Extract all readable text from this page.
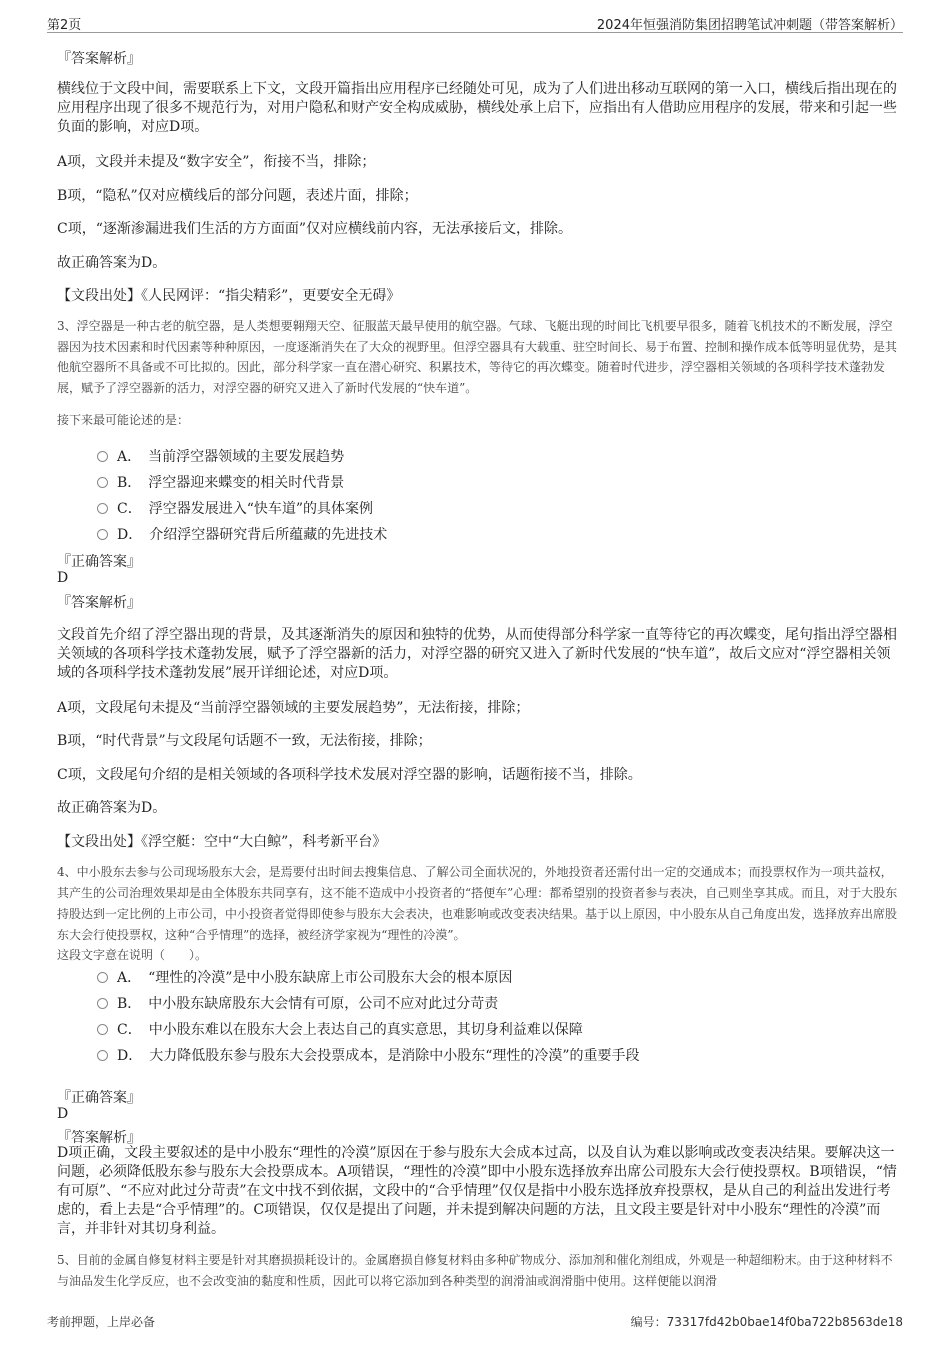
第2页	2024年恒强消防集团招聘笔试冲刺题（带答案解析）
『答案解析』
横线位于文段中间，需要联系上下文，文段开篇指出应用程序已经随处可见，成为了人们进出移动互联网的第一入口，横线后指出现在的应用程序出现了很多不规范行为，对用户隐私和财产安全构成威胁，横线处承上启下，应指出有人借助应用程序的发展，带来和引起一些负面的影响，对应D项。
A项，文段并未提及“数字安全”，衔接不当，排除；
B项，“隐私”仅对应横线后的部分问题，表述片面，排除；
C项，“逐渐渗漏进我们生活的方方面面”仅对应横线前内容，无法承接后文，排除。
故正确答案为D。
【文段出处】《人民网评：“指尖精彩”，更要安全无碍》
3、浮空器是一种古老的航空器，是人类想要翱翔天空、征服蓝天最早使用的航空器。气球、飞艇出现的时间比飞机要早很多，随着飞机技术的不断发展，浮空器因为技术因素和时代因素等种种原因，一度逐渐消失在了大众的视野里。但浮空器具有大载重、驻空时间长、易于布置、控制和操作成本低等明显优势，是其他航空器所不具备或不可比拟的。因此，部分科学家一直在潜心研究、积累技术，等待它的再次蝶变。随着时代进步，浮空器相关领域的各项科学技术蓬勃发展，赋予了浮空器新的活力，对浮空器的研究又进入了新时代发展的“快车道”。
接下来最可能论述的是：
A．　当前浮空器领域的主要发展趋势
B．　浮空器迎来蝶变的相关时代背景
C．　浮空器发展进入“快车道”的具体案例
D．　介绍浮空器研究背后所蕴藏的先进技术
『正确答案』
D
『答案解析』
文段首先介绍了浮空器出现的背景，及其逐渐消失的原因和独特的优势，从而使得部分科学家一直等待它的再次蝶变，尾句指出浮空器相关领域的各项科学技术蓬勃发展，赋予了浮空器新的活力，对浮空器的研究又进入了新时代发展的“快车道”，故后文应对“浮空器相关领域的各项科学技术蓬勃发展”展开详细论述，对应D项。
A项，文段尾句未提及“当前浮空器领域的主要发展趋势”，无法衔接，排除；
B项，“时代背景”与文段尾句话题不一致，无法衔接，排除；
C项，文段尾句介绍的是相关领域的各项科学技术发展对浮空器的影响，话题衔接不当，排除。
故正确答案为D。
【文段出处】《浮空艇：空中“大白鲸”，科考新平台》
4、中小股东去参与公司现场股东大会，是焉要付出时间去搜集信息、了解公司全面状况的，外地投资者还需付出一定的交通成本；而投票权作为一项共益权，其产生的公司治理效果却是由全体股东共同享有，这不能不造成中小投资者的“搭便车”心理：都希望别的投资者参与表决，自己则坐享其成。而且，对于大股东持股达到一定比例的上市公司，中小投资者觉得即使参与股东大会表决，也难影响或改变表决结果。基于以上原因，中小股东从自己角度出发，选择放弃出席股东大会行使投票权，这种“合乎情理”的选择，被经济学家视为“理性的冷漠”。
这段文字意在说明（　　）。
A．　“理性的冷漠”是中小股东缺席上市公司股东大会的根本原因
B．　中小股东缺席股东大会情有可原，公司不应对此过分苛责
C．　中小股东难以在股东大会上表达自己的真实意思，其切身利益难以保障
D．　大力降低股东参与股东大会投票成本，是消除中小股东“理性的冷漠”的重要手段
『正确答案』
D
『答案解析』
D项正确，文段主要叙述的是中小股东“理性的冷漠”原因在于参与股东大会成本过高，以及自认为难以影响或改变表决结果。要解决这一问题，必须降低股东参与股东大会投票成本。A项错误，“理性的冷漠”即中小股东选择放弃出席公司股东大会行使投票权。B项错误，“情有可原”、“不应对此过分苛责”在文中找不到依据，文段中的“合乎情理”仅仅是指中小股东选择放弃投票权，是从自己的利益出发进行考虑的，看上去是“合乎情理”的。C项错误，仅仅是提出了问题，并未提到解决问题的方法，且文段主要是针对中小股东“理性的冷漠”而言，并非针对其切身利益。
5、目前的金属自修复材料主要是针对其磨损损耗设计的。金属磨损自修复材料由多种矿物成分、添加剂和催化剂组成，外观是一种超细粉末。由于这种材料不与油品发生化学反应，也不会改变油的黏度和性质，因此可以将它添加到各种类型的润滑油或润滑脂中使用。这样便能以润滑
考前押题，上岸必备	编号：73317fd42b0bae14f0ba722b8563de18
